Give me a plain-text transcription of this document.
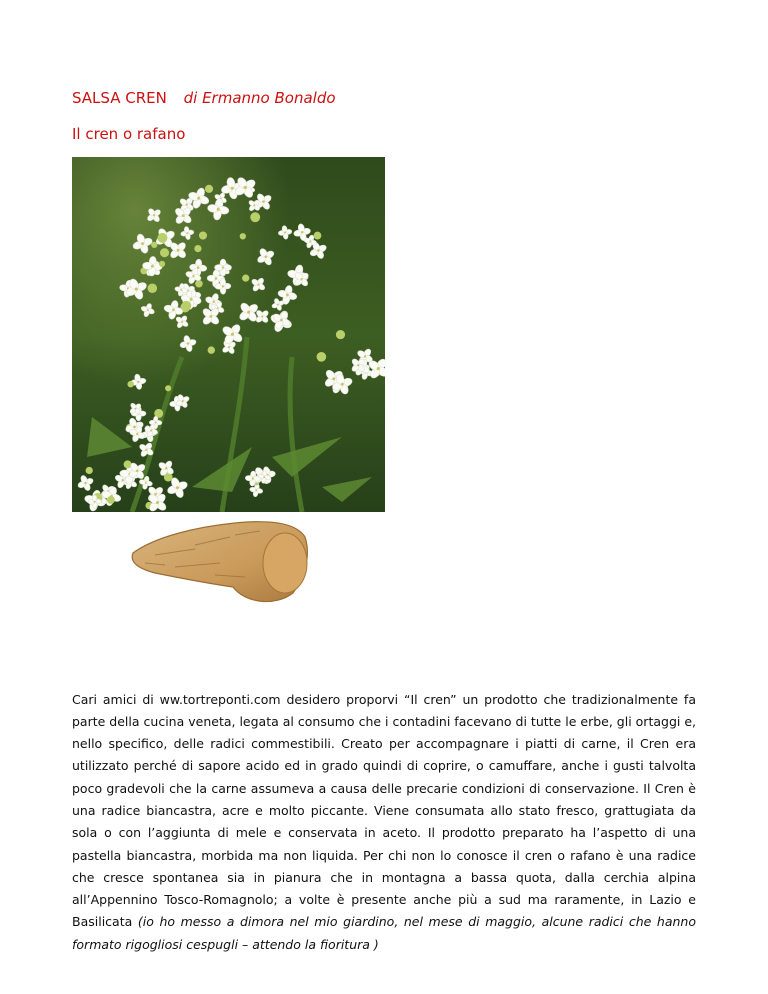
SALSA CREN di Ermanno Bonaldo
Il cren o rafano

Cari amici di ww.tortreponti.com desidero proporvi “Il cren” un prodotto che tradizionalmente fa parte della cucina veneta, legata al consumo che i contadini facevano di tutte le erbe, gli ortaggi e, nello specifico, delle radici commestibili. Creato per accompagnare i piatti di carne, il Cren era utilizzato perché di sapore acido ed in grado quindi di coprire, o camuffare, anche i gusti talvolta poco gradevoli che la carne assumeva a causa delle precarie condizioni di conservazione. Il Cren è una radice biancastra, acre e molto piccante. Viene consumata allo stato fresco, grattugiata da sola o con l’aggiunta di mele e conservata in aceto. Il prodotto preparato ha l’aspetto di una pastella biancastra, morbida ma non liquida. Per chi non lo conosce il cren o rafano è una radice che cresce spontanea sia in pianura che in montagna a bassa quota, dalla cerchia alpina all’Appennino Tosco-Romagnolo; a volte è presente anche più a sud ma raramente, in Lazio e Basilicata (io ho messo a dimora nel mio giardino, nel mese di maggio, alcune radici che hanno formato rigogliosi cespugli – attendo la fioritura )
